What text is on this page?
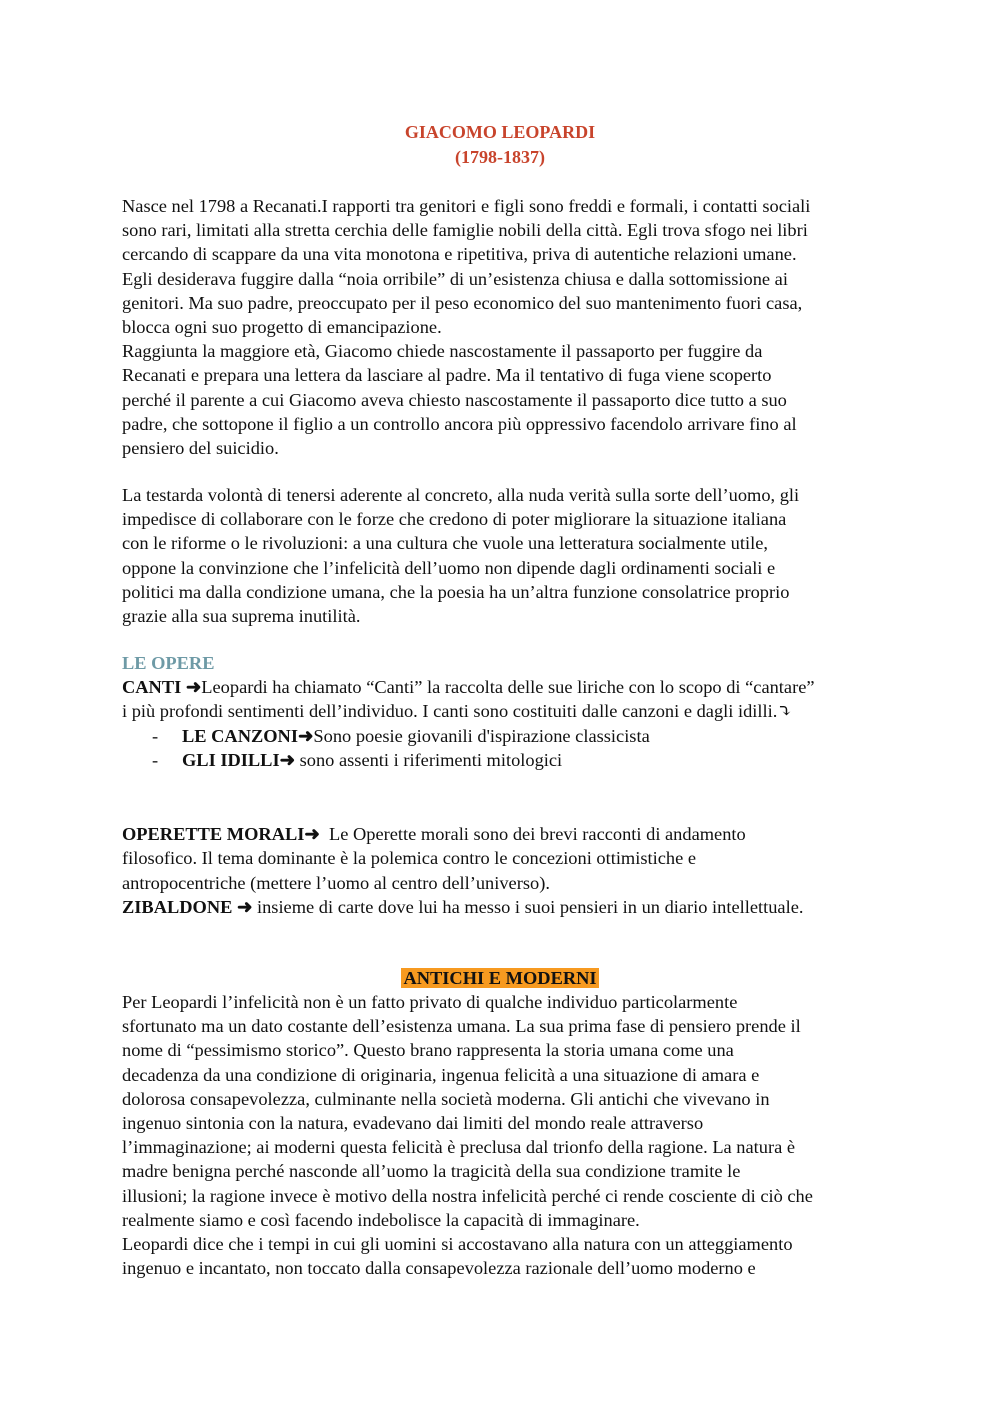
GIACOMO LEOPARDI
(1798-1837)

Nasce nel 1798 a Recanati.I rapporti tra genitori e figli sono freddi e formali, i contatti sociali

sono rari, limitati alla stretta cerchia delle famiglie nobili della città. Egli trova sfogo nei libri

cercando di scappare da una vita monotona e ripetitiva, priva di autentiche relazioni umane.

Egli desiderava fuggire dalla “noia orribile” di un’esistenza chiusa e dalla sottomissione ai

genitori. Ma suo padre, preoccupato per il peso economico del suo mantenimento fuori casa,

blocca ogni suo progetto di emancipazione.

Raggiunta la maggiore età, Giacomo chiede nascostamente il passaporto per fuggire da

Recanati e prepara una lettera da lasciare al padre. Ma il tentativo di fuga viene scoperto

perché il parente a cui Giacomo aveva chiesto nascostamente il passaporto dice tutto a suo

padre, che sottopone il figlio a un controllo ancora più oppressivo facendolo arrivare fino al

pensiero del suicidio.

La testarda volontà di tenersi aderente al concreto, alla nuda verità sulla sorte dell’uomo, gli

impedisce di collaborare con le forze che credono di poter migliorare la situazione italiana

con le riforme o le rivoluzioni: a una cultura che vuole una letteratura socialmente utile,

oppone la convinzione che l’infelicità dell’uomo non dipende dagli ordinamenti sociali e

politici ma dalla condizione umana, che la poesia ha un’altra funzione consolatrice proprio

grazie alla sua suprema inutilità.

LE OPERE

CANTI ➜Leopardi ha chiamato “Canti” la raccolta delle sue liriche con lo scopo di “cantare”

i più profondi sentimenti dell’individuo. I canti sono costituiti dalle canzoni e dagli idilli.⤵

- LE CANZONI➜Sono poesie giovanili d'ispirazione classicista

- GLI IDILLI➜ sono assenti i riferimenti mitologici

OPERETTE MORALI➜  Le Operette morali sono dei brevi racconti di andamento

filosofico. Il tema dominante è la polemica contro le concezioni ottimistiche e

antropocentriche (mettere l’uomo al centro dell’universo).

ZIBALDONE ➜ insieme di carte dove lui ha messo i suoi pensieri in un diario intellettuale.

ANTICHI E MODERNI

Per Leopardi l’infelicità non è un fatto privato di qualche individuo particolarmente

sfortunato ma un dato costante dell’esistenza umana. La sua prima fase di pensiero prende il

nome di “pessimismo storico”. Questo brano rappresenta la storia umana come una

decadenza da una condizione di originaria, ingenua felicità a una situazione di amara e

dolorosa consapevolezza, culminante nella società moderna. Gli antichi che vivevano in

ingenuo sintonia con la natura, evadevano dai limiti del mondo reale attraverso

l’immaginazione; ai moderni questa felicità è preclusa dal trionfo della ragione. La natura è

madre benigna perché nasconde all’uomo la tragicità della sua condizione tramite le

illusioni; la ragione invece è motivo della nostra infelicità perché ci rende cosciente di ciò che

realmente siamo e così facendo indebolisce la capacità di immaginare.

Leopardi dice che i tempi in cui gli uomini si accostavano alla natura con un atteggiamento

ingenuo e incantato, non toccato dalla consapevolezza razionale dell’uomo moderno e
